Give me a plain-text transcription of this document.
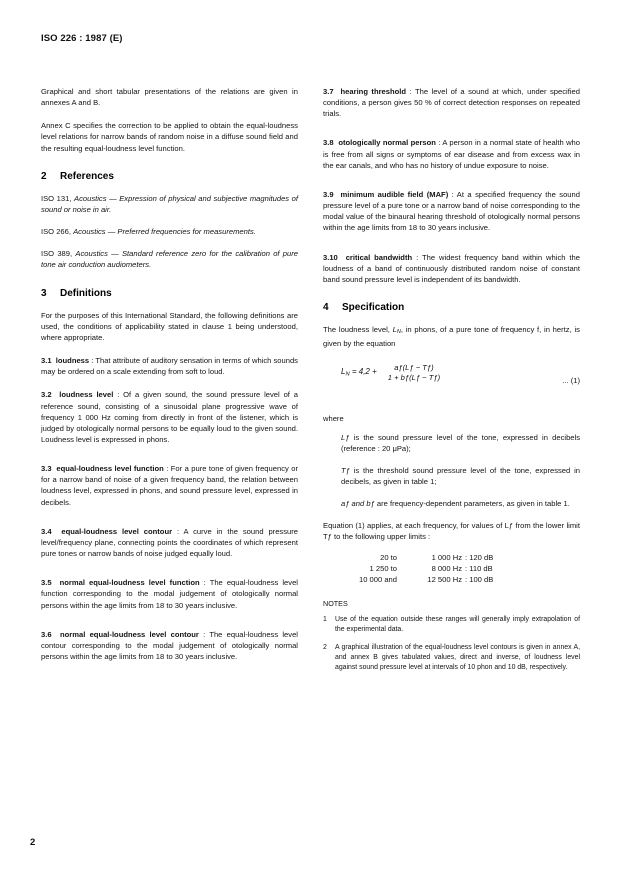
ISO 226 : 1987 (E)

Graphical and short tabular presentations of the relations are given in annexes A and B.

Annex C specifies the correction to be applied to obtain the equal-loudness level relations for narrow bands of random noise in a diffuse sound field and the resulting equal-loudness level function.

2 References
ISO 131, Acoustics — Expression of physical and subjective magnitudes of sound or noise in air.
ISO 266, Acoustics — Preferred frequencies for measurements.
ISO 389, Acoustics — Standard reference zero for the calibration of pure tone air conduction audiometers.
3 Definitions

For the purposes of this International Standard, the following definitions are used, the conditions of applicability stated in clause 1 being understood, where appropriate.

3.1 loudness : That attribute of auditory sensation in terms of which sounds may be ordered on a scale extending from soft to loud.
3.2 loudness level : Of a given sound, the sound pressure level of a reference sound, consisting of a sinusoidal plane progressive wave of frequency 1 000 Hz coming from directly in front of the listener, which is judged by otologically normal persons to be equally loud to the given sound. Loudness level is expressed in phons.
3.3 equal-loudness level function : For a pure tone of given frequency or for a narrow band of noise of a given frequency band, the relation between loudness level, expressed in phons, and sound pressure level, expressed in decibels.
3.4 equal-loudness level contour : A curve in the sound pressure level/frequency plane, connecting points the coordinates of which represent pure tones or narrow bands of noise judged equally loud.
3.5 normal equal-loudness level function : The equal-loudness level function corresponding to the modal judgement of otologically normal persons within the age limits from 18 to 30 years inclusive.
3.6 normal equal-loudness level contour : The equal-loudness level contour corresponding to the modal judgement of otologically normal persons within the age limits from 18 to 30 years inclusive.
3.7 hearing threshold : The level of a sound at which, under specified conditions, a person gives 50 % of correct detection responses on repeated trials.
3.8 otologically normal person : A person in a normal state of health who is free from all signs or symptoms of ear disease and from excess wax in the ear canals, and who has no history of undue exposure to noise.
3.9 minimum audible field (MAF) : At a specified frequency the sound pressure level of a pure tone or a narrow band of noise corresponding to the modal value of the binaural hearing threshold of otologically normal persons within the age limits from 18 to 30 years inclusive.
3.10 critical bandwidth : The widest frequency band within which the loudness of a band of continuously distributed random noise of constant band sound pressure level is independent of its bandwidth.
4 Specification

The loudness level, $L_N$, in phons, of a pure tone of frequency f, in hertz, is given by the equation

$L_N = 4,2$ +
aƒ(Lƒ − Tƒ)
1 + bƒ(Lƒ − Tƒ)	... (1)
where
Lƒ is the sound pressure level of the tone, expressed in decibels (reference : 20 μPa);
Tƒ is the threshold sound pressure level of the tone, expressed in decibels, as given in table 1;
aƒ and bƒ are frequency-dependent parameters, as given in table 1.

Equation (1) applies, at each frequency, for values of Lƒ from the lower limit Tƒ to the following upper limits :

20 to	1 000 Hz : 120 dB
1 250 to	8 000 Hz : 110 dB
10 000 and	12 500 Hz : 100 dB
NOTES
1	Use of the equation outside these ranges will generally imply extrapolation of the experimental data.
2	A graphical illustration of the equal-loudness level contours is given in annex A, and annex B gives tabulated values, direct and inverse, of loudness level against sound pressure level at intervals of 10 phon and 10 dB, respectively.
2
